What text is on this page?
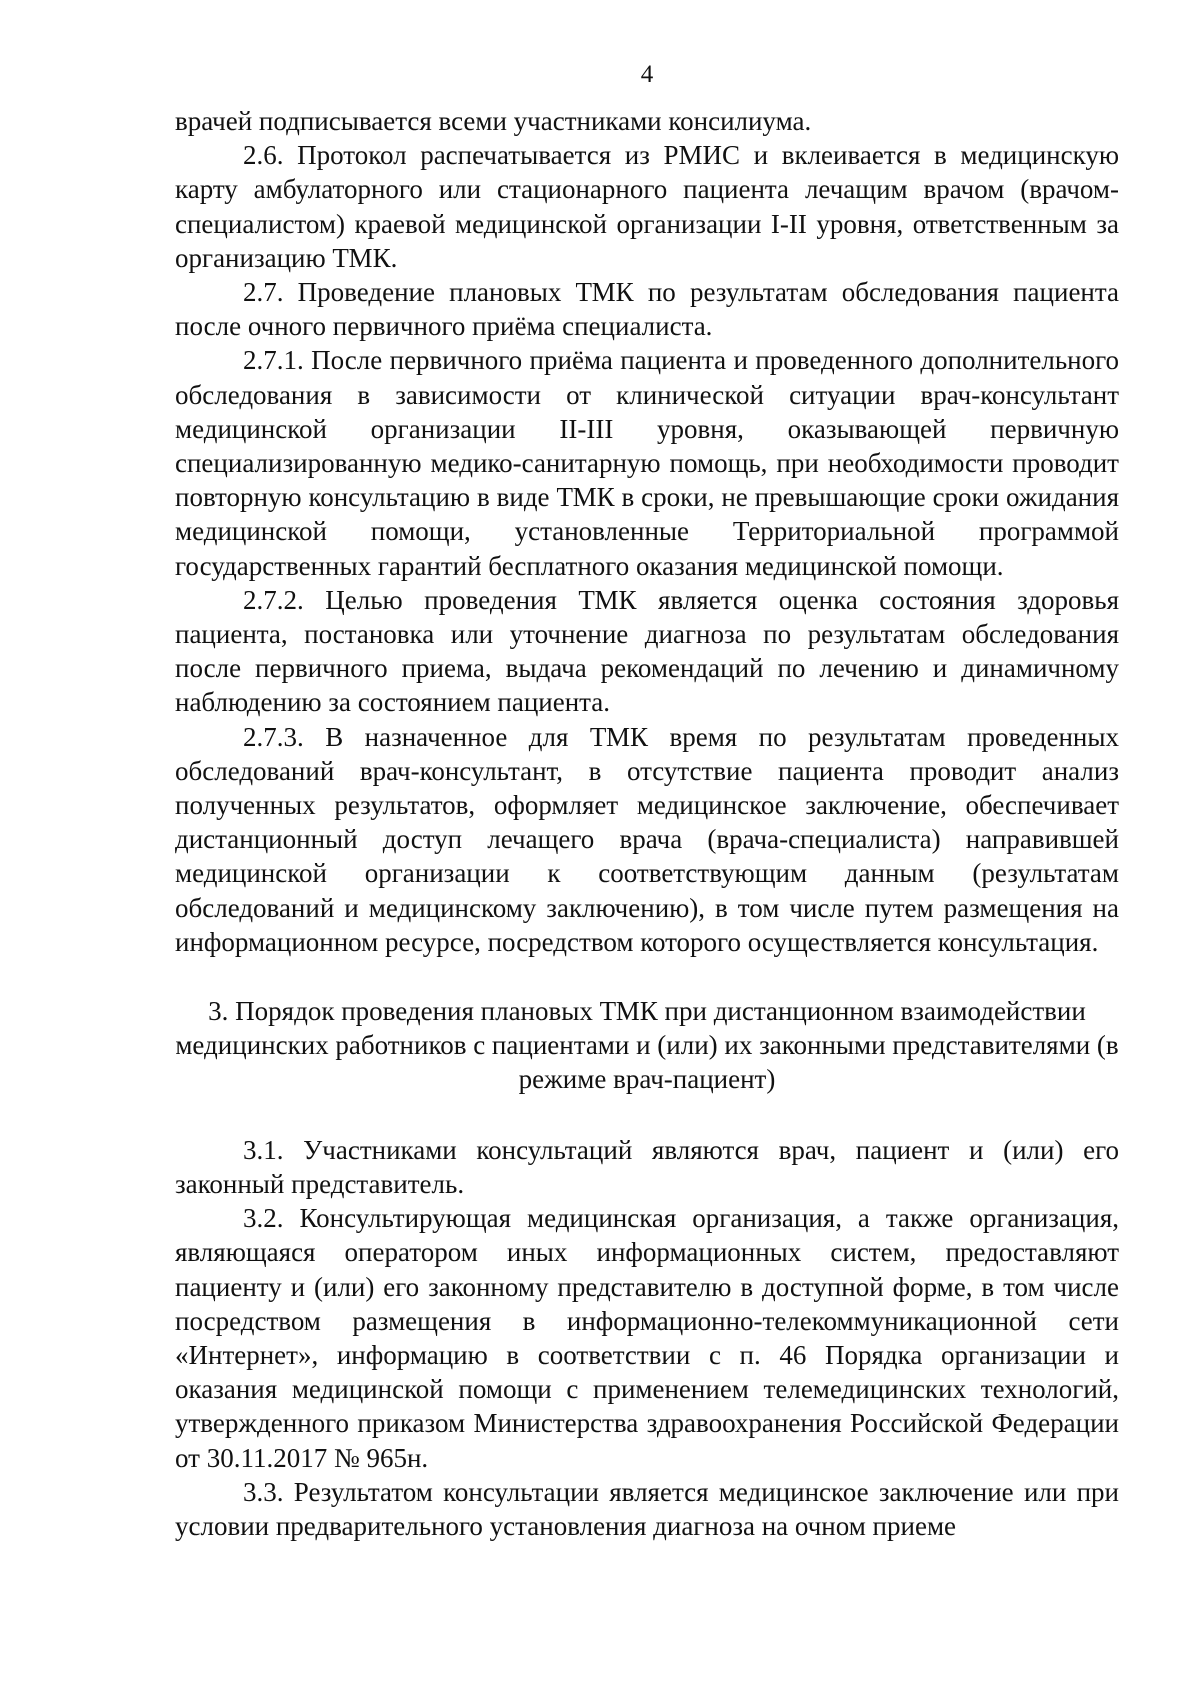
4

врачей подписывается всеми участниками консилиума.

2.6. Протокол распечатывается из РМИС и вклеивается в медицинскую карту амбулаторного или стационарного пациента лечащим врачом (врачом-специалистом) краевой медицинской организации I-II уровня, ответственным за организацию ТМК.

2.7. Проведение плановых ТМК по результатам обследования пациента после очного первичного приёма специалиста.

2.7.1. После первичного приёма пациента и проведенного дополнительного обследования в зависимости от клинической ситуации врач-консультант медицинской организации II-III уровня, оказывающей первичную специализированную медико-санитарную помощь, при необходимости проводит повторную консультацию в виде ТМК в сроки, не превышающие сроки ожидания медицинской помощи, установленные Территориальной программой государственных гарантий бесплатного оказания медицинской помощи.

2.7.2. Целью проведения ТМК является оценка состояния здоровья пациента, постановка или уточнение диагноза по результатам обследования после первичного приема, выдача рекомендаций по лечению и динамичному наблюдению за состоянием пациента.

2.7.3. В назначенное для ТМК время по результатам проведенных обследований врач-консультант, в отсутствие пациента проводит анализ полученных результатов, оформляет медицинское заключение, обеспечивает дистанционный доступ лечащего врача (врача-специалиста) направившей медицинской организации к соответствующим данным (результатам обследований и медицинскому заключению), в том числе путем размещения на информационном ресурсе, посредством которого осуществляется консультация.

3. Порядок проведения плановых ТМК при дистанционном взаимодействии медицинских работников с пациентами и (или) их законными представителями (в режиме врач-пациент)

3.1. Участниками консультаций являются врач, пациент и (или) его законный представитель.

3.2. Консультирующая медицинская организация, а также организация, являющаяся оператором иных информационных систем, предоставляют пациенту и (или) его законному представителю в доступной форме, в том числе посредством размещения в информационно-телекоммуникационной сети «Интернет», информацию в соответствии с п. 46 Порядка организации и оказания медицинской помощи с применением телемедицинских технологий, утвержденного приказом Министерства здравоохранения Российской Федерации от 30.11.2017 № 965н.

3.3. Результатом консультации является медицинское заключение или при условии предварительного установления диагноза на очном приеме
